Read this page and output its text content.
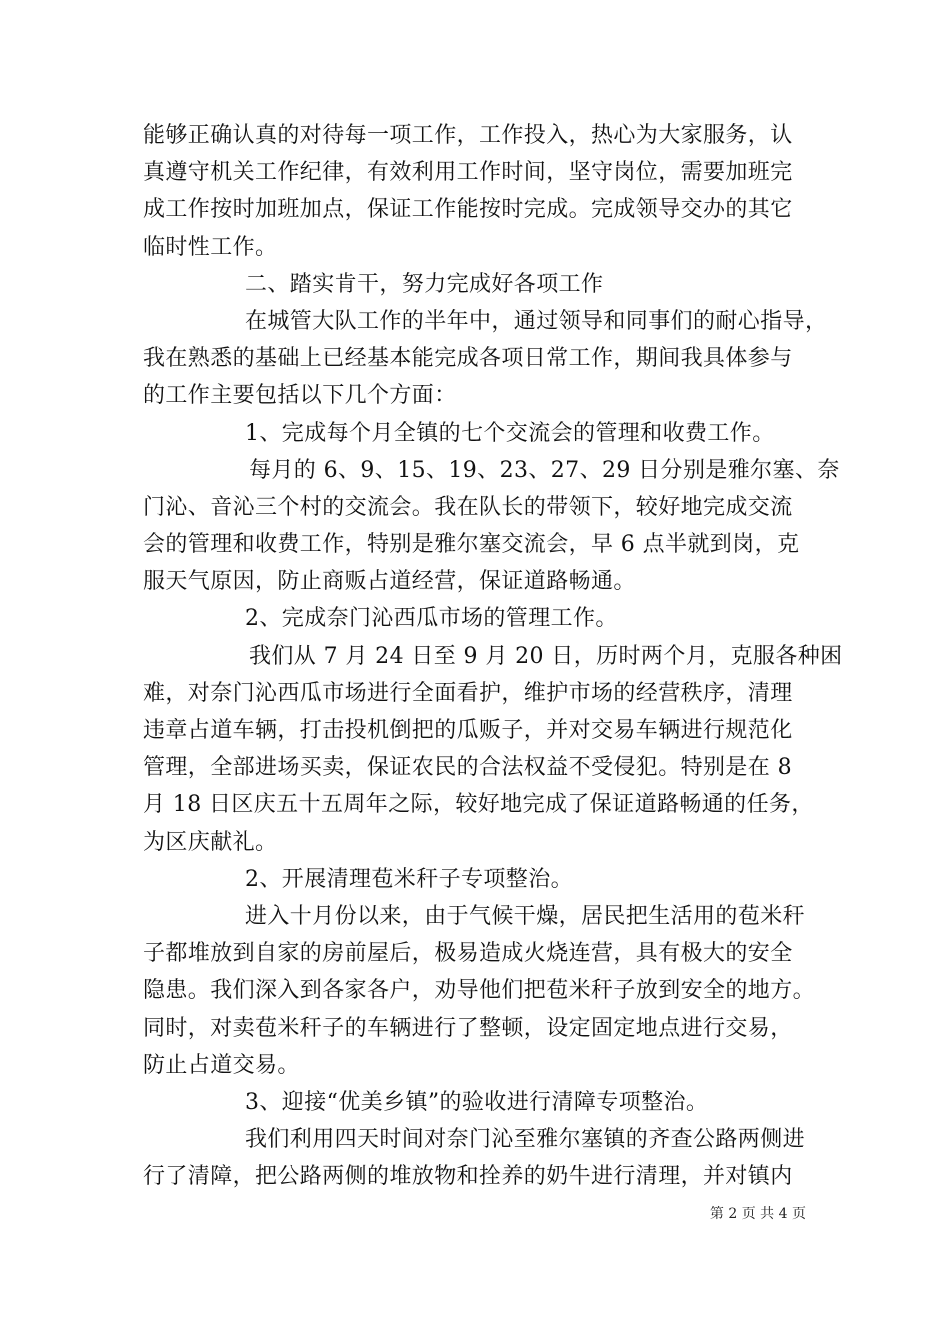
能够正确认真的对待每一项工作，工作投入，热心为大家服务，认
真遵守机关工作纪律，有效利用工作时间，坚守岗位，需要加班完
成工作按时加班加点，保证工作能按时完成。完成领导交办的其它
临时性工作。
二、踏实肯干，努力完成好各项工作
在城管大队工作的半年中，通过领导和同事们的耐心指导，
我在熟悉的基础上已经基本能完成各项日常工作，期间我具体参与
的工作主要包括以下几个方面：
1、完成每个月全镇的七个交流会的管理和收费工作。
每月的 6、9、15、19、23、27、29 日分别是雅尔塞、奈
门沁、音沁三个村的交流会。我在队长的带领下，较好地完成交流
会的管理和收费工作，特别是雅尔塞交流会，早 6 点半就到岗，克
服天气原因，防止商贩占道经营，保证道路畅通。
2、完成奈门沁西瓜市场的管理工作。
我们从 7 月 24 日至 9 月 20 日，历时两个月，克服各种困
难，对奈门沁西瓜市场进行全面看护，维护市场的经营秩序，清理
违章占道车辆，打击投机倒把的瓜贩子，并对交易车辆进行规范化
管理，全部进场买卖，保证农民的合法权益不受侵犯。特别是在 8
月 18 日区庆五十五周年之际，较好地完成了保证道路畅通的任务，
为区庆献礼。
2、开展清理苞米秆子专项整治。
进入十月份以来，由于气候干燥，居民把生活用的苞米秆
子都堆放到自家的房前屋后，极易造成火烧连营，具有极大的安全
隐患。我们深入到各家各户，劝导他们把苞米秆子放到安全的地方。
同时，对卖苞米秆子的车辆进行了整顿，设定固定地点进行交易，
防止占道交易。
3、迎接“优美乡镇”的验收进行清障专项整治。
我们利用四天时间对奈门沁至雅尔塞镇的齐查公路两侧进
行了清障，把公路两侧的堆放物和拴养的奶牛进行清理，并对镇内
第 2 页 共 4 页
